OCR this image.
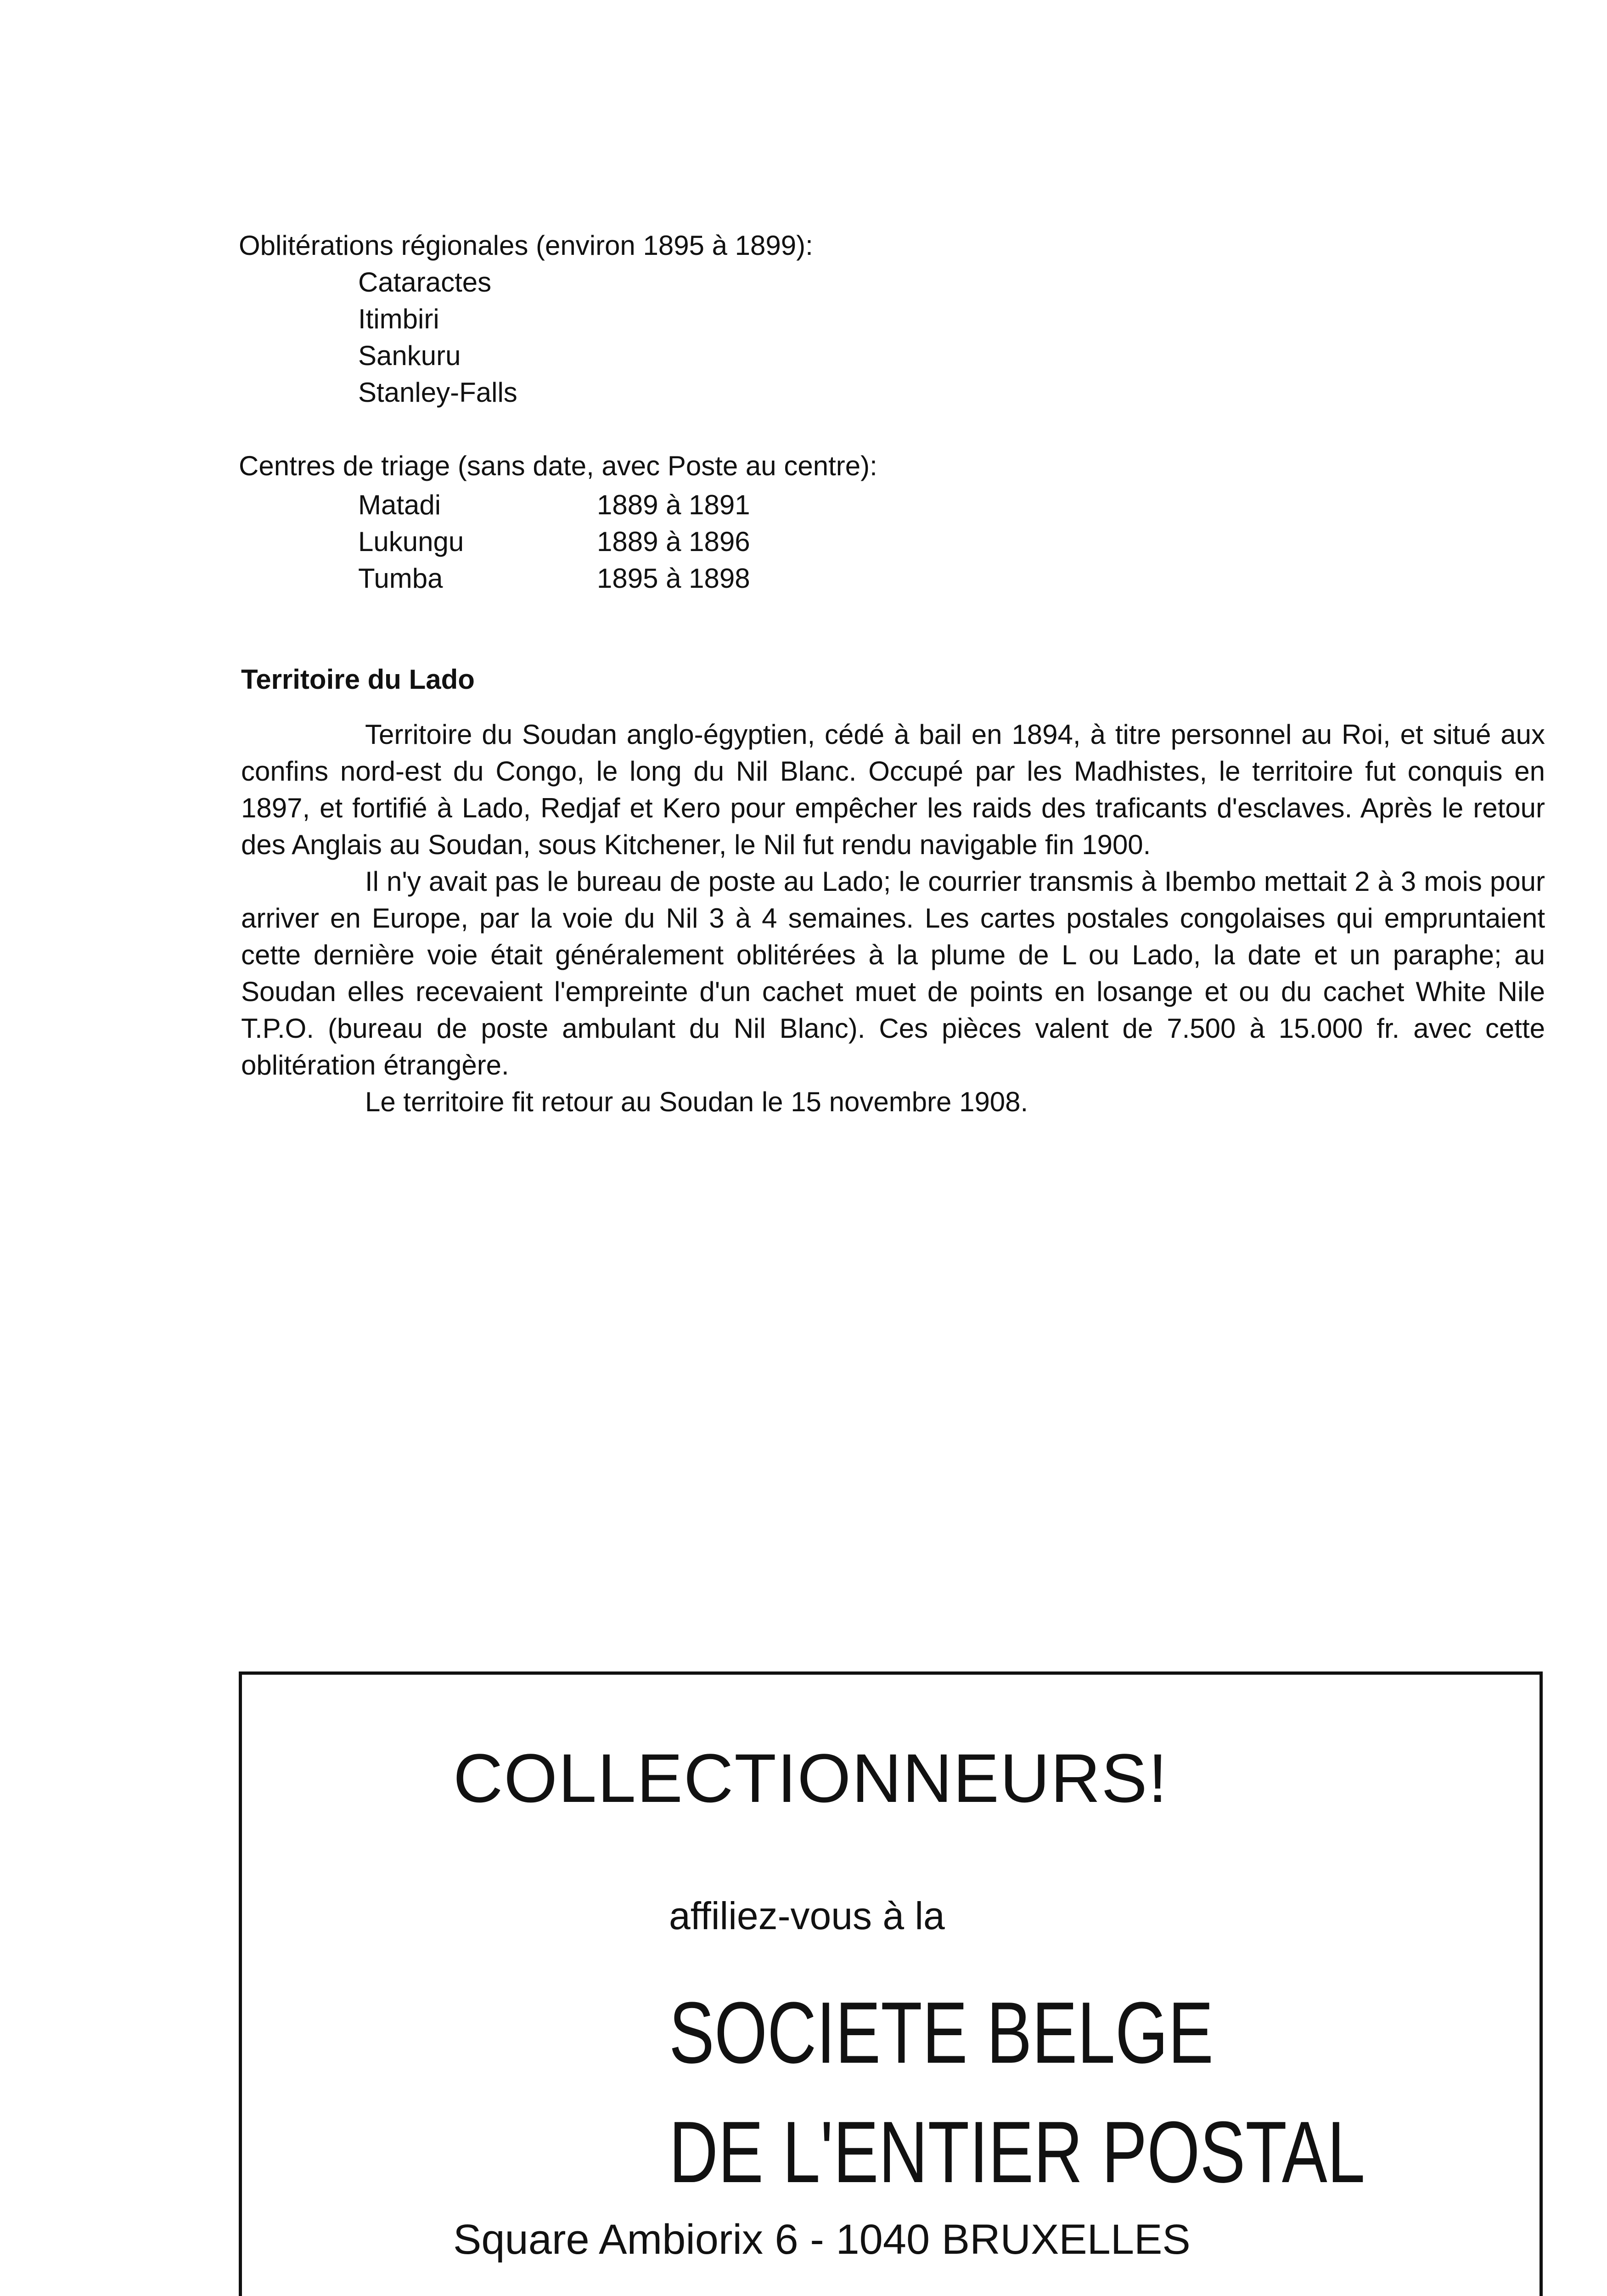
Oblitérations régionales (environ 1895 à 1899):
Cataractes
Itimbiri
Sankuru
Stanley-Falls
Centres de triage (sans date, avec Poste au centre):
Matadi	1889 à 1891
Lukungu	1889 à 1896
Tumba	1895 à 1898
Territoire du Lado

Territoire du Soudan anglo-égyptien, cédé à bail en 1894, à titre personnel au Roi, et situé aux confins nord-est du Congo, le long du Nil Blanc. Occupé par les Madhistes, le territoire fut conquis en 1897, et fortifié à Lado, Redjaf et Kero pour empêcher les raids des traficants d'esclaves. Après le retour des Anglais au Soudan, sous Kitchener, le Nil fut rendu navigable fin 1900.

Il n'y avait pas le bureau de poste au Lado; le courrier transmis à Ibembo mettait 2 à 3 mois pour arriver en Europe, par la voie du Nil 3 à 4 semaines. Les cartes postales congolaises qui empruntaient cette dernière voie était généralement oblitérées à la plume de L ou Lado, la date et un paraphe; au Soudan elles recevaient l'empreinte d'un cachet muet de points en losange et ou du cachet White Nile T.P.O. (bureau de poste ambulant du Nil Blanc). Ces pièces valent de 7.500 à 15.000 fr. avec cette oblitération étrangère.

Le territoire fit retour au Soudan le 15 novembre 1908.

COLLECTIONNEURS!
affiliez-vous à la
SOCIETE BELGE
DE L'ENTIER POSTAL
Square Ambiorix 6 - 1040 BRUXELLES
